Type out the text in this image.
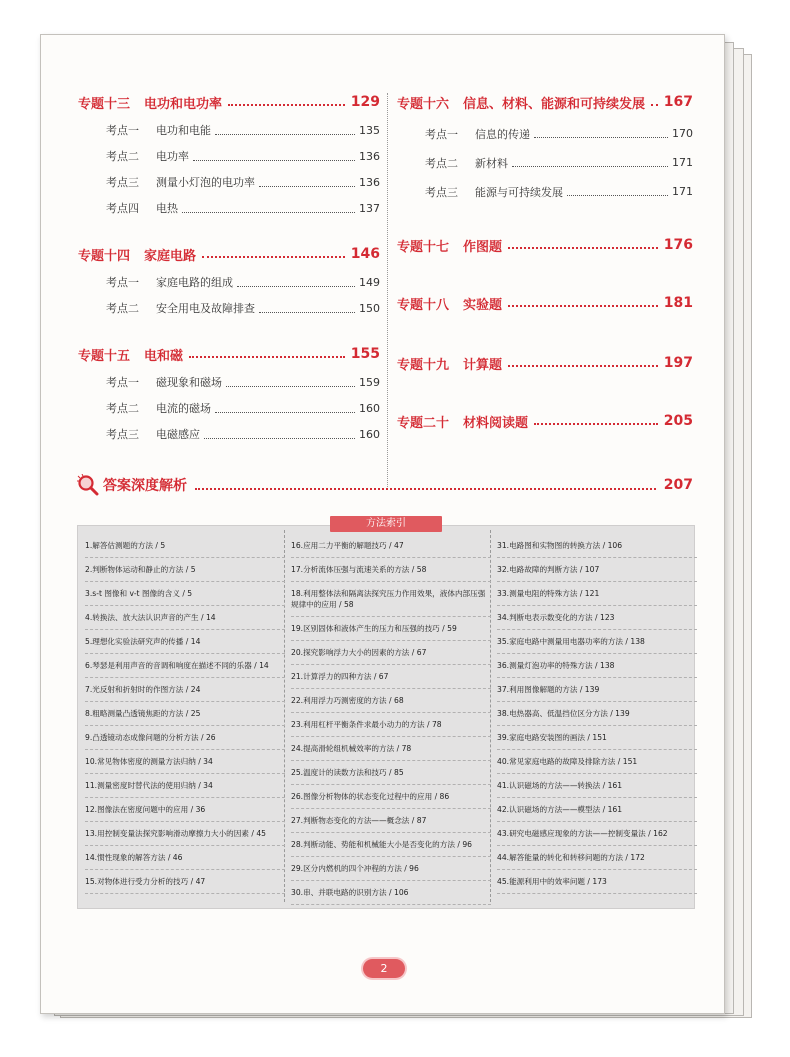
专题十三 电功和电功率	129
考点一	电功和电能	135
考点二	电功率	136
考点三	测量小灯泡的电功率	136
考点四	电热	137
专题十四 家庭电路	146
考点一	家庭电路的组成	149
考点二	安全用电及故障排查	150
专题十五 电和磁	155
考点一	磁现象和磁场	159
考点二	电流的磁场	160
考点三	电磁感应	160
专题十六 信息、材料、能源和可持续发展 167
考点一	信息的传递	170
考点二	新材料	171
考点三	能源与可持续发展	171
专题十七 作图题	176
专题十八 实验题	181
专题十九 计算题	197
专题二十 材料阅读题	205
答案深度解析	207
方法索引
1.解答估测题的方法 / 5
2.判断物体运动和静止的方法 / 5
3.s-t 图像和 v-t 图像的含义 / 5
4.转换法、放大法认识声音的产生 / 14
5.理想化实验法研究声的传播 / 14
6.琴瑟是利用声音的音调和响度在描述不同的乐器 / 14
7.光反射和折射时的作图方法 / 24
8.粗略测量凸透镜焦距的方法 / 25
9.凸透镜动态成像问题的分析方法 / 26
10.常见物体密度的测量方法归纳 / 34
11.测量密度时替代法的使用归纳 / 34
12.图像法在密度问题中的应用 / 36
13.用控制变量法探究影响滑动摩擦力大小的因素 / 45
14.惯性现象的解答方法 / 46
15.对物体进行受力分析的技巧 / 47
16.应用二力平衡的解题技巧 / 47
17.分析流体压强与流速关系的方法 / 58
18.利用整体法和隔离法探究压力作用效果，液体内部压强规律中的应用 / 58
19.区别固体和液体产生的压力和压强的技巧 / 59
20.探究影响浮力大小的因素的方法 / 67
21.计算浮力的四种方法 / 67
22.利用浮力巧测密度的方法 / 68
23.利用杠杆平衡条件求最小动力的方法 / 78
24.提高滑轮组机械效率的方法 / 78
25.温度计的读数方法和技巧 / 85
26.图像分析物体的状态变化过程中的应用 / 86
27.判断物态变化的方法——概念法 / 87
28.判断动能、势能和机械能大小是否变化的方法 / 96
29.区分内燃机的四个冲程的方法 / 96
30.串、并联电路的识别方法 / 106
31.电路图和实物图的转换方法 / 106
32.电路故障的判断方法 / 107
33.测量电阻的特殊方法 / 121
34.判断电表示数变化的方法 / 123
35.家庭电路中测量用电器功率的方法 / 138
36.测量灯泡功率的特殊方法 / 138
37.利用图像解题的方法 / 139
38.电热器高、低温挡位区分方法 / 139
39.家庭电路安装图的画法 / 151
40.常见家庭电路的故障及排除方法 / 151
41.认识磁场的方法——转换法 / 161
42.认识磁场的方法——模型法 / 161
43.研究电磁感应现象的方法——控制变量法 / 162
44.解答能量的转化和转移问题的方法 / 172
45.能源利用中的效率问题 / 173
2
